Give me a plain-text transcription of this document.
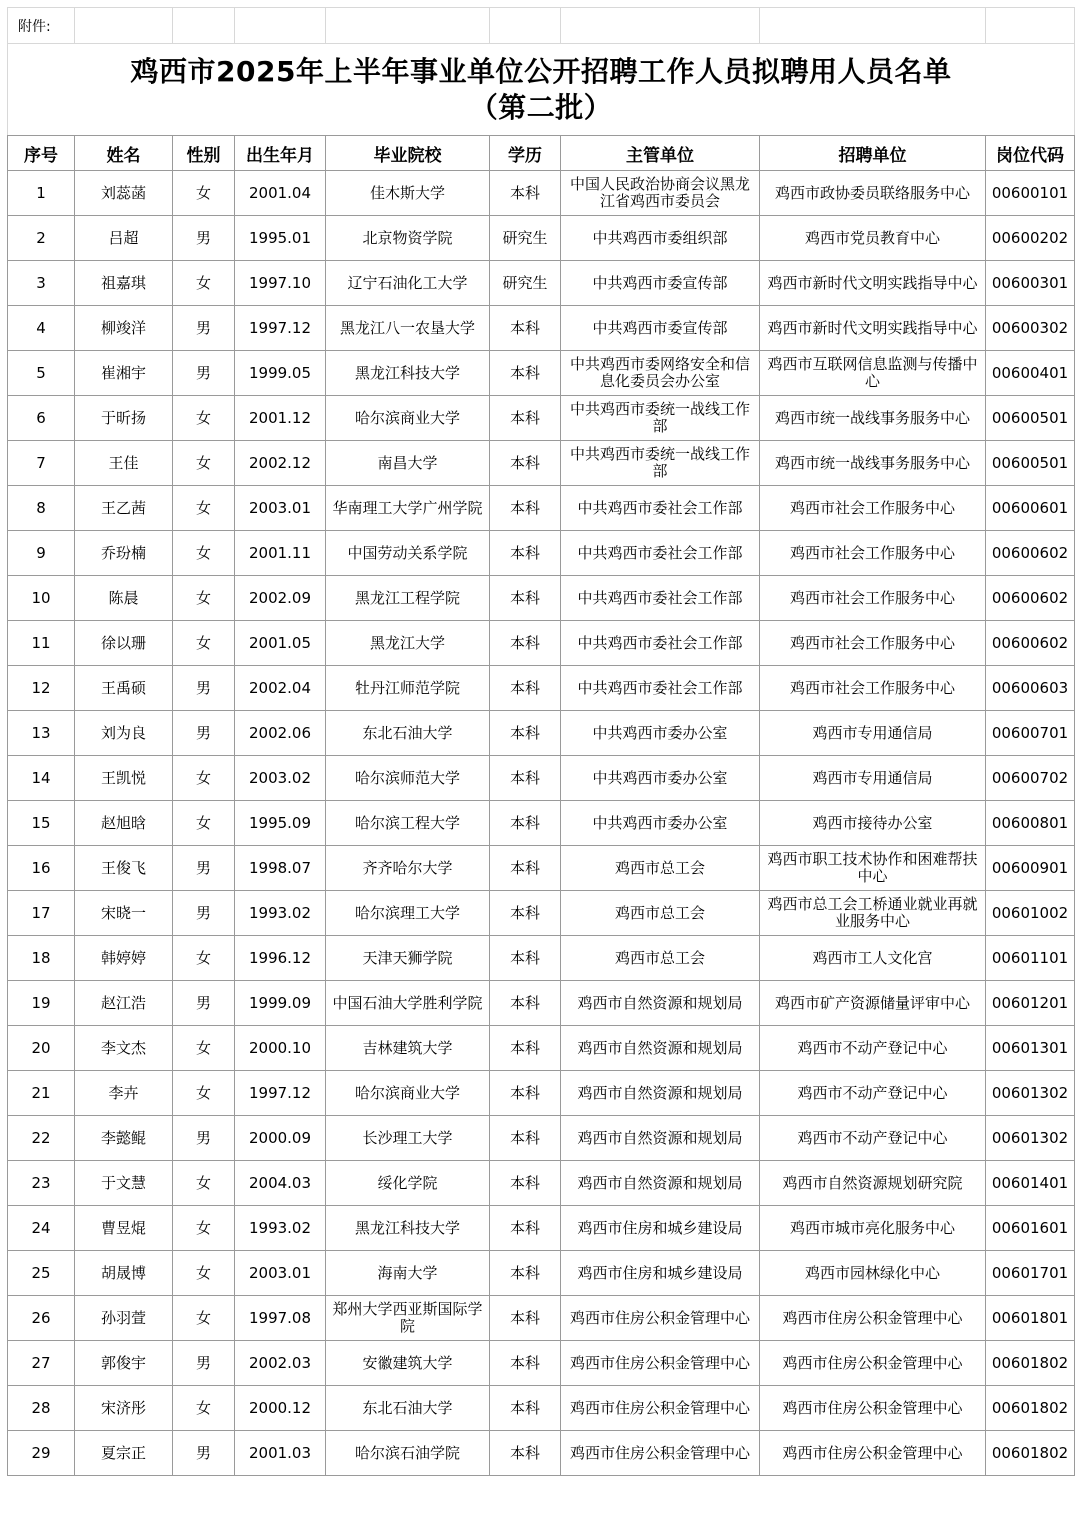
附件:								

鸡西市2025年上半年事业单位公开招聘工作人员拟聘用人员名单
（第二批）								

序号	姓名	性别	出生年月	毕业院校	学历	主管单位	招聘单位	岗位代码
1	刘蕊菡	女	2001.04	佳木斯大学	本科	中国人民政治协商会议黑龙江省鸡西市委员会	鸡西市政协委员联络服务中心	00600101
2	吕超	男	1995.01	北京物资学院	研究生	中共鸡西市委组织部	鸡西市党员教育中心	00600202
3	祖嘉琪	女	1997.10	辽宁石油化工大学	研究生	中共鸡西市委宣传部	鸡西市新时代文明实践指导中心	00600301
4	柳竣洋	男	1997.12	黑龙江八一农垦大学	本科	中共鸡西市委宣传部	鸡西市新时代文明实践指导中心	00600302
5	崔湘宇	男	1999.05	黑龙江科技大学	本科	中共鸡西市委网络安全和信息化委员会办公室	鸡西市互联网信息监测与传播中心	00600401
6	于昕扬	女	2001.12	哈尔滨商业大学	本科	中共鸡西市委统一战线工作部	鸡西市统一战线事务服务中心	00600501
7	王佳	女	2002.12	南昌大学	本科	中共鸡西市委统一战线工作部	鸡西市统一战线事务服务中心	00600501
8	王乙茜	女	2003.01	华南理工大学广州学院	本科	中共鸡西市委社会工作部	鸡西市社会工作服务中心	00600601
9	乔玢楠	女	2001.11	中国劳动关系学院	本科	中共鸡西市委社会工作部	鸡西市社会工作服务中心	00600602
10	陈晨	女	2002.09	黑龙江工程学院	本科	中共鸡西市委社会工作部	鸡西市社会工作服务中心	00600602
11	徐以珊	女	2001.05	黑龙江大学	本科	中共鸡西市委社会工作部	鸡西市社会工作服务中心	00600602
12	王禹硕	男	2002.04	牡丹江师范学院	本科	中共鸡西市委社会工作部	鸡西市社会工作服务中心	00600603
13	刘为良	男	2002.06	东北石油大学	本科	中共鸡西市委办公室	鸡西市专用通信局	00600701
14	王凯悦	女	2003.02	哈尔滨师范大学	本科	中共鸡西市委办公室	鸡西市专用通信局	00600702
15	赵旭晗	女	1995.09	哈尔滨工程大学	本科	中共鸡西市委办公室	鸡西市接待办公室	00600801
16	王俊飞	男	1998.07	齐齐哈尔大学	本科	鸡西市总工会	鸡西市职工技术协作和困难帮扶中心	00600901
17	宋晓一	男	1993.02	哈尔滨理工大学	本科	鸡西市总工会	鸡西市总工会工桥通业就业再就业服务中心	00601002
18	韩婷婷	女	1996.12	天津天狮学院	本科	鸡西市总工会	鸡西市工人文化宫	00601101
19	赵江浩	男	1999.09	中国石油大学胜利学院	本科	鸡西市自然资源和规划局	鸡西市矿产资源储量评审中心	00601201
20	李文杰	女	2000.10	吉林建筑大学	本科	鸡西市自然资源和规划局	鸡西市不动产登记中心	00601301
21	李卉	女	1997.12	哈尔滨商业大学	本科	鸡西市自然资源和规划局	鸡西市不动产登记中心	00601302
22	李懿鲲	男	2000.09	长沙理工大学	本科	鸡西市自然资源和规划局	鸡西市不动产登记中心	00601302
23	于文慧	女	2004.03	绥化学院	本科	鸡西市自然资源和规划局	鸡西市自然资源规划研究院	00601401
24	曹昱焜	女	1993.02	黑龙江科技大学	本科	鸡西市住房和城乡建设局	鸡西市城市亮化服务中心	00601601
25	胡晟博	女	2003.01	海南大学	本科	鸡西市住房和城乡建设局	鸡西市园林绿化中心	00601701
26	孙羽萱	女	1997.08	郑州大学西亚斯国际学院	本科	鸡西市住房公积金管理中心	鸡西市住房公积金管理中心	00601801
27	郭俊宇	男	2002.03	安徽建筑大学	本科	鸡西市住房公积金管理中心	鸡西市住房公积金管理中心	00601802
28	宋济彤	女	2000.12	东北石油大学	本科	鸡西市住房公积金管理中心	鸡西市住房公积金管理中心	00601802
29	夏宗正	男	2001.03	哈尔滨石油学院	本科	鸡西市住房公积金管理中心	鸡西市住房公积金管理中心	00601802
